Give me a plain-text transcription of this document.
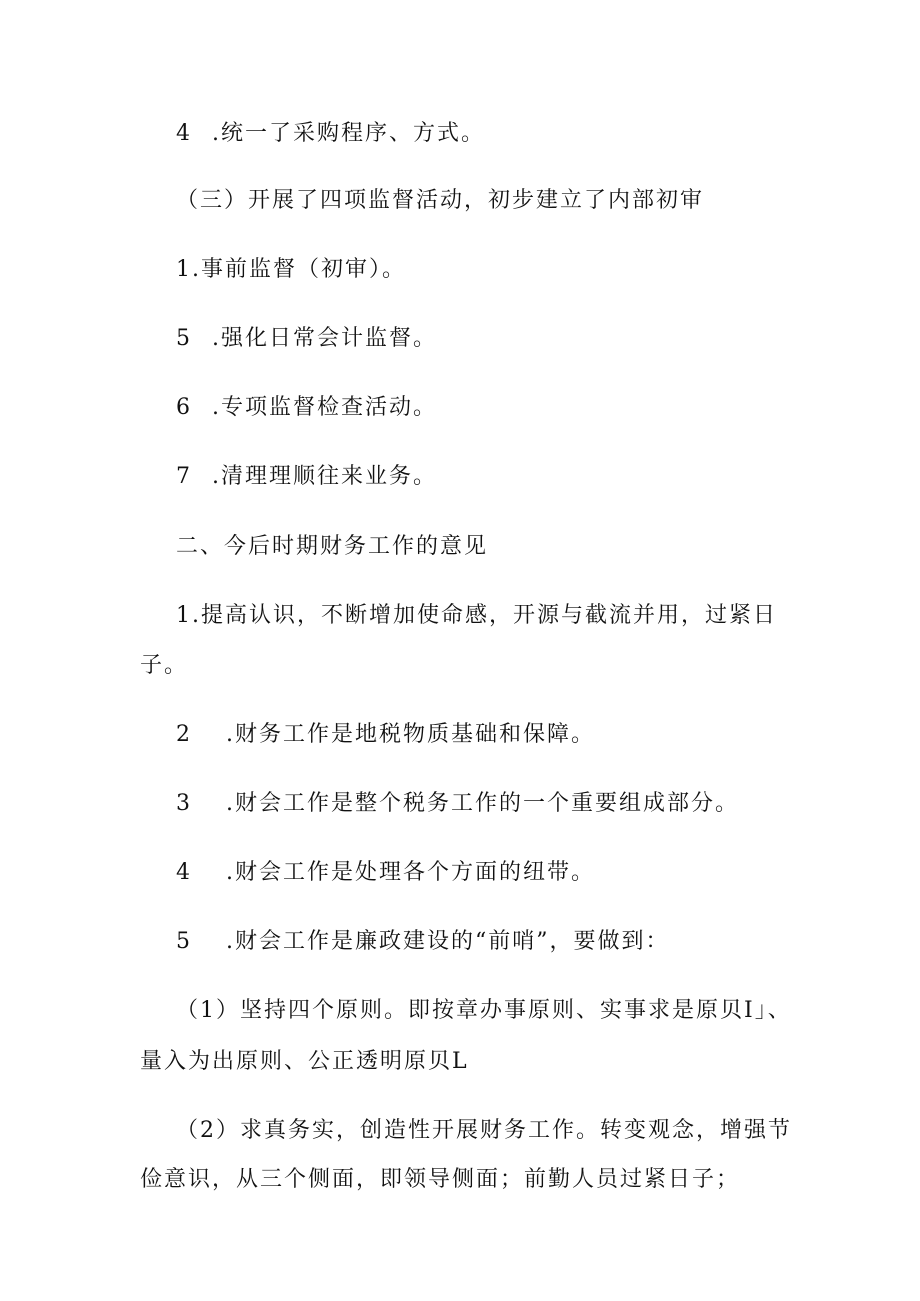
4 .统一了采购程序、方式。
（三）开展了四项监督活动，初步建立了内部初审
1.事前监督（初审）。
5 .强化日常会计监督。
6 .专项监督检查活动。
7 .清理理顺往来业务。
二、今后时期财务工作的意见
1.提高认识，不断增加使命感，开源与截流并用，过紧日
子。
2 .财务工作是地税物质基础和保障。
3 .财会工作是整个税务工作的一个重要组成部分。
4 .财会工作是处理各个方面的纽带。
5 .财会工作是廉政建设的“前哨”，要做到：
（1）坚持四个原则。即按章办事原则、实事求是原贝I」、
量入为出原则、公正透明原贝L
（2）求真务实，创造性开展财务工作。转变观念，增强节
俭意识，从三个侧面，即领导侧面；前勤人员过紧日子；
